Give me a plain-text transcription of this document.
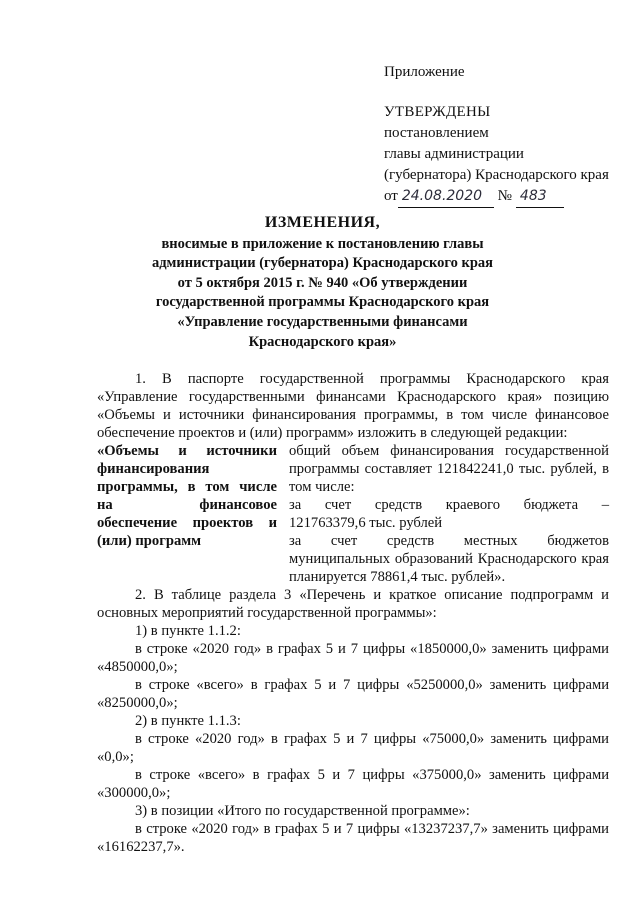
Приложение
УТВЕРЖДЕНЫ
постановлением
главы администрации
(губернатора) Краснодарского края
от 24.08.2020 № 483
ИЗМЕНЕНИЯ,
вносимые в приложение к постановлению главы
администрации (губернатора) Краснодарского края
от 5 октября 2015 г. № 940 «Об утверждении
государственной программы Краснодарского края
«Управление государственными финансами
Краснодарского края»
1. В паспорте государственной программы Краснодарского края «Управление государственными финансами Краснодарского края» позицию «Объемы и источники финансирования программы, в том числе финансовое обеспечение проектов и (или) программ» изложить в следующей редакции:
«Объемы и источники финансирования программы, в том числе на финансовое обеспечение проектов и (или) программ
общий объем финансирования государственной программы составляет 121842241,0 тыс. рублей, в том числе:
за счет средств краевого бюджета –
121763379,6 тыс. рублей
за счет средств местных бюджетов муниципальных образований Краснодарского края планируется 78861,4 тыс. рублей».
2. В таблице раздела 3 «Перечень и краткое описание подпрограмм и основных мероприятий государственной программы»:
1) в пункте 1.1.2:
в строке «2020 год» в графах 5 и 7 цифры «1850000,0» заменить цифрами «4850000,0»;
в строке «всего» в графах 5 и 7 цифры «5250000,0» заменить цифрами «8250000,0»;
2) в пункте 1.1.3:
в строке «2020 год» в графах 5 и 7 цифры «75000,0» заменить цифрами «0,0»;
в строке «всего» в графах 5 и 7 цифры «375000,0» заменить цифрами «300000,0»;
3) в позиции «Итого по государственной программе»:
в строке «2020 год» в графах 5 и 7 цифры «13237237,7» заменить цифрами «16162237,7».
